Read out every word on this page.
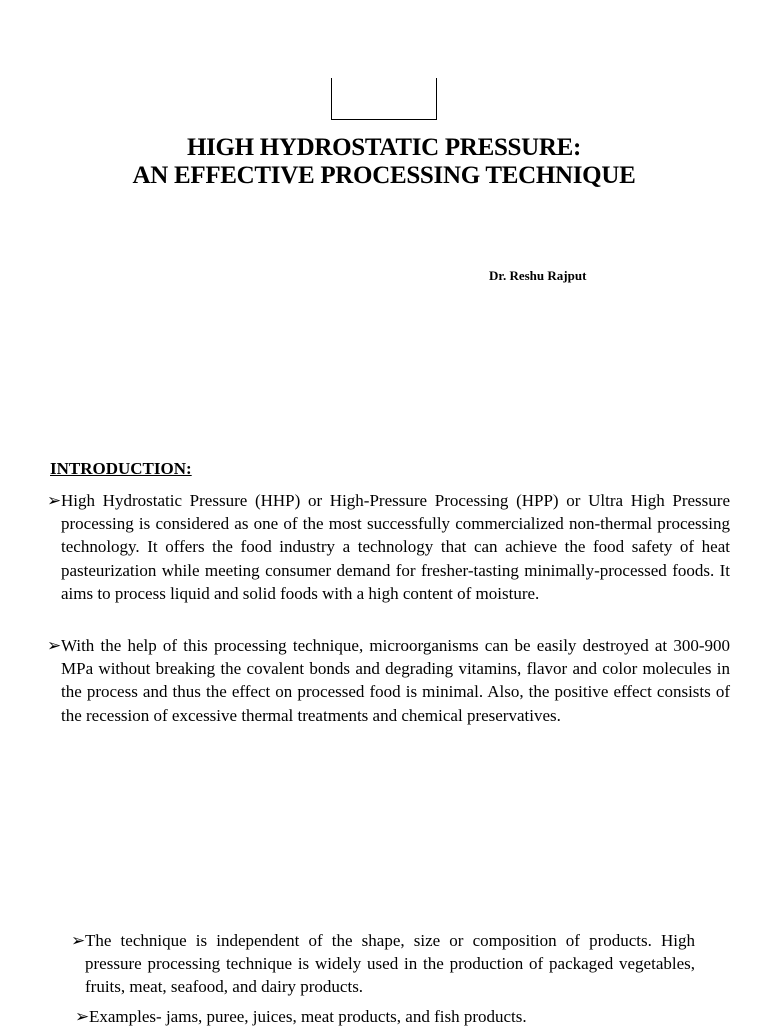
HIGH HYDROSTATIC PRESSURE:
AN EFFECTIVE PROCESSING TECHNIQUE
Dr. Reshu Rajput
INTRODUCTION:
➢ High Hydrostatic Pressure (HHP) or High-Pressure Processing (HPP) or Ultra High Pressure processing is considered as one of the most successfully commercialized non-thermal processing technology. It offers the food industry a technology that can achieve the food safety of heat pasteurization while meeting consumer demand for fresher-tasting minimally-processed foods. It aims to process liquid and solid foods with a high content of moisture.
➢ With the help of this processing technique, microorganisms can be easily destroyed at 300-900 MPa without breaking the covalent bonds and degrading vitamins, flavor and color molecules in the process and thus the effect on processed food is minimal. Also, the positive effect consists of the recession of excessive thermal treatments and chemical preservatives.
➢ The technique is independent of the shape, size or composition of products. High pressure processing technique is widely used in the production of packaged vegetables, fruits, meat, seafood, and dairy products.
➢ Examples- jams, puree, juices, meat products, and fish products.
